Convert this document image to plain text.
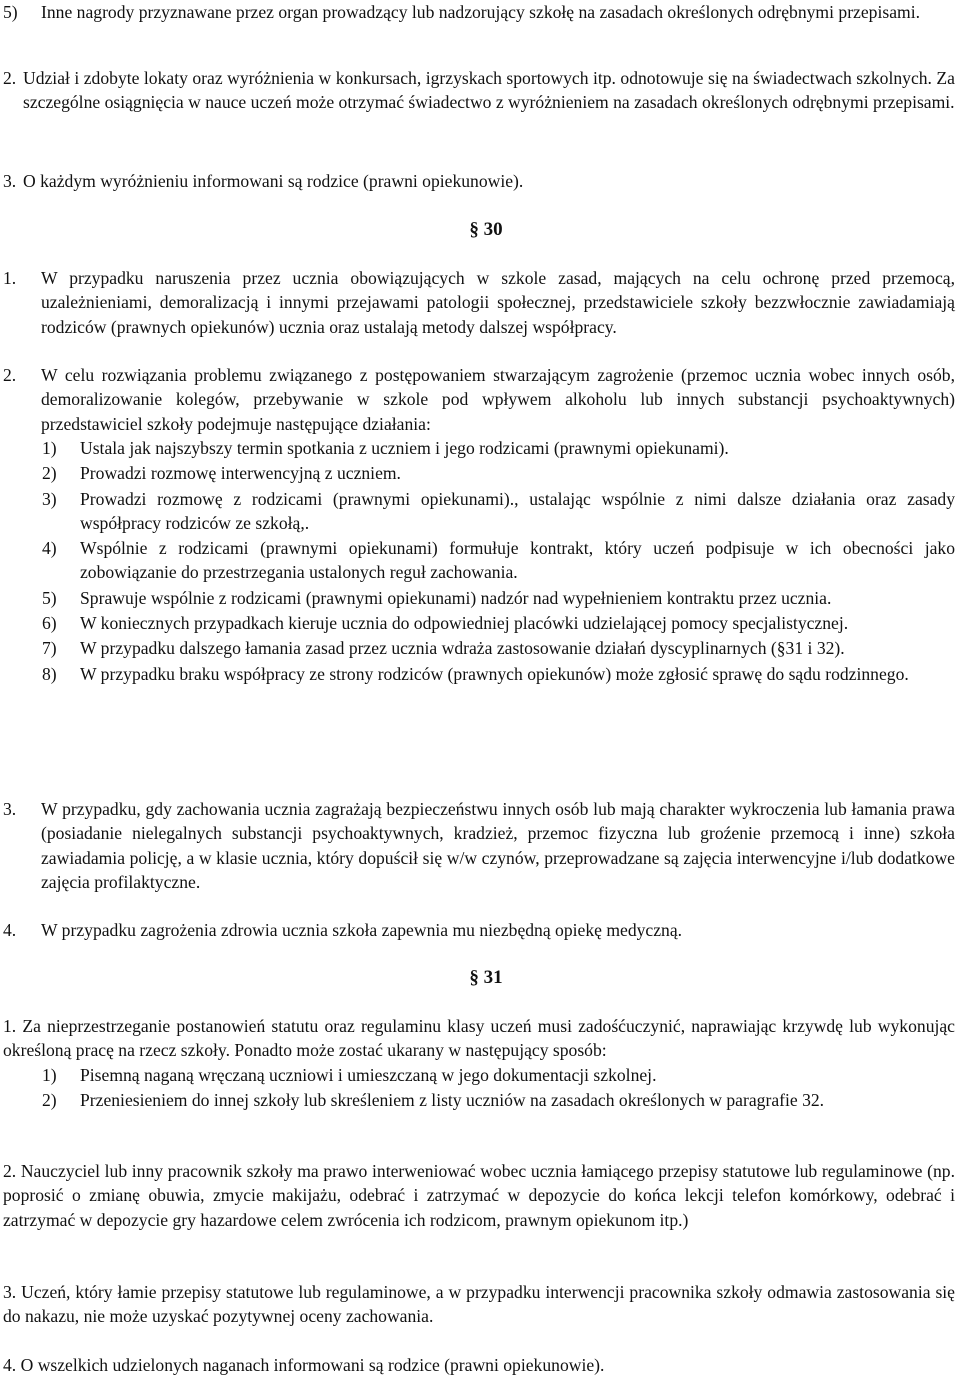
5) Inne nagrody przyznawane przez organ prowadzący lub nadzorujący szkołę na zasadach określonych odrębnymi przepisami.
2. Udział i zdobyte lokaty oraz wyróżnienia w konkursach, igrzyskach sportowych itp. odnotowuje się na świadectwach szkolnych. Za szczególne osiągnięcia w nauce uczeń może otrzymać świadectwo z wyróżnieniem na zasadach określonych odrębnymi przepisami.
3. O każdym wyróżnieniu informowani są rodzice (prawni opiekunowie).
§ 30
1. W przypadku naruszenia przez ucznia obowiązujących w szkole zasad, mających na celu ochronę przed przemocą, uzależnieniami, demoralizacją i innymi przejawami patologii społecznej, przedstawiciele szkoły bezzwłocznie zawiadamiają rodziców (prawnych opiekunów) ucznia oraz ustalają metody dalszej współpracy.
2. W celu rozwiązania problemu związanego z postępowaniem stwarzającym zagrożenie (przemoc ucznia wobec innych osób, demoralizowanie kolegów, przebywanie w szkole pod wpływem alkoholu lub innych substancji psychoaktywnych) przedstawiciel szkoły podejmuje następujące działania:
1) Ustala jak najszybszy termin spotkania z uczniem i jego rodzicami (prawnymi opiekunami).
2) Prowadzi rozmowę interwencyjną z uczniem.
3) Prowadzi rozmowę z rodzicami (prawnymi opiekunami)., ustalając wspólnie z nimi dalsze działania oraz zasady współpracy rodziców ze szkołą,.
4) Wspólnie z rodzicami (prawnymi opiekunami) formułuje kontrakt, który uczeń podpisuje w ich obecności jako zobowiązanie do przestrzegania ustalonych reguł zachowania.
5) Sprawuje wspólnie z rodzicami (prawnymi opiekunami) nadzór nad wypełnieniem kontraktu przez ucznia.
6) W koniecznych przypadkach kieruje ucznia do odpowiedniej placówki udzielającej pomocy specjalistycznej.
7) W przypadku dalszego łamania zasad przez ucznia wdraża zastosowanie działań dyscyplinarnych (§31 i 32).
8) W przypadku braku współpracy ze strony rodziców (prawnych opiekunów) może zgłosić sprawę do sądu rodzinnego.
3. W przypadku, gdy zachowania ucznia zagrażają bezpieczeństwu innych osób lub mają charakter wykroczenia lub łamania prawa (posiadanie nielegalnych substancji psychoaktywnych, kradzież, przemoc fizyczna lub groźenie przemocą i inne) szkoła zawiadamia policję, a w klasie ucznia, który dopuścił się w/w czynów, przeprowadzane są zajęcia interwencyjne i/lub dodatkowe zajęcia profilaktyczne.
4. W przypadku zagrożenia zdrowia ucznia szkoła zapewnia mu niezbędną opiekę medyczną.
§ 31
1. Za nieprzestrzeganie postanowień statutu oraz regulaminu klasy uczeń musi zadośćuczynić, naprawiając krzywdę lub wykonując określoną pracę na rzecz szkoły. Ponadto może zostać ukarany w następujący sposób:
1) Pisemną naganą wręczaną uczniowi i umieszczaną w jego dokumentacji szkolnej.
2) Przeniesieniem do innej szkoły lub skreśleniem z listy uczniów na zasadach określonych w paragrafie 32.
2. Nauczyciel lub inny pracownik szkoły ma prawo interweniować wobec ucznia łamiącego przepisy statutowe lub regulaminowe (np. poprosić o zmianę obuwia, zmycie makijażu, odebrać i zatrzymać w depozycie do końca lekcji telefon komórkowy, odebrać i zatrzymać w depozycie gry hazardowe celem zwrócenia ich rodzicom, prawnym opiekunom itp.)
3. Uczeń, który łamie przepisy statutowe lub regulaminowe, a w przypadku interwencji pracownika szkoły odmawia zastosowania się do nakazu, nie może uzyskać pozytywnej oceny zachowania.
4. O wszelkich udzielonych naganach informowani są rodzice (prawni opiekunowie).
